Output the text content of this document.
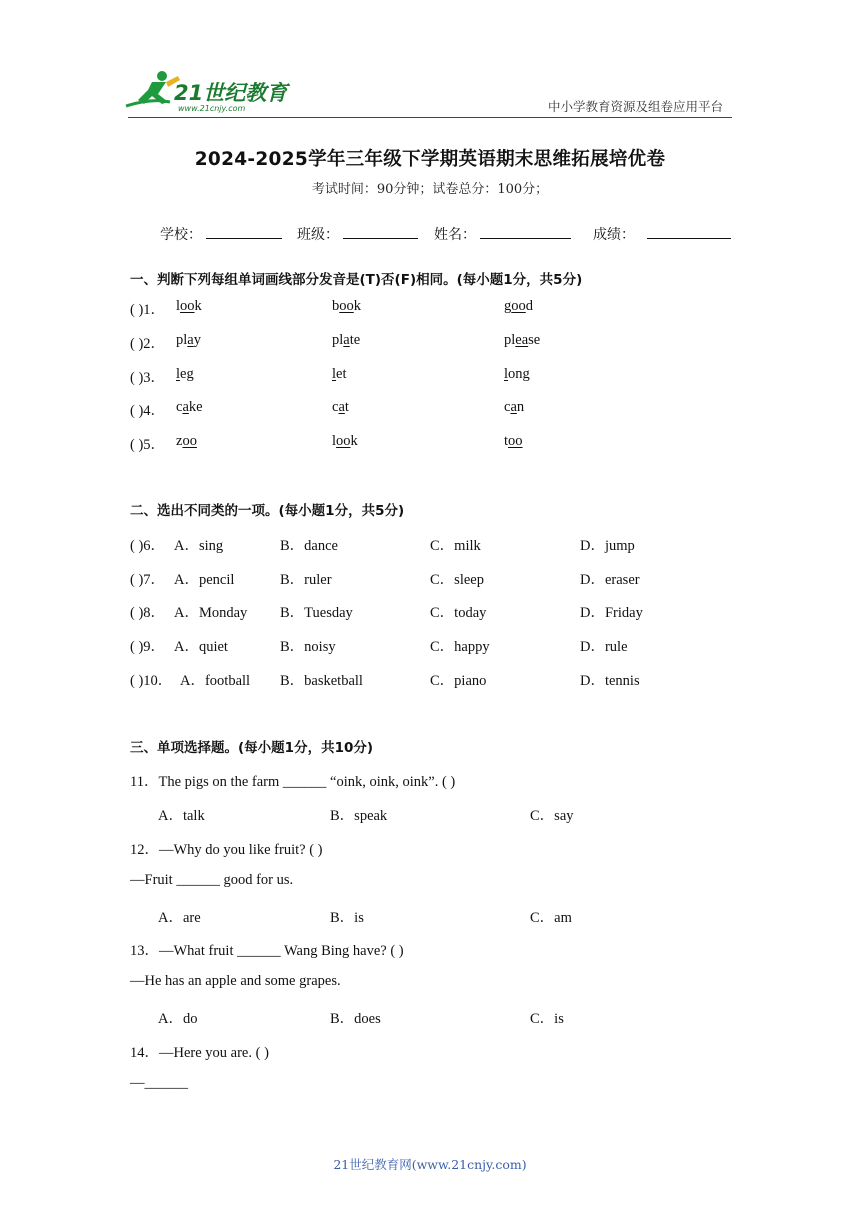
21世纪教育
www.21cnjy.com	中小学教育资源及组卷应用平台
2024-2025学年三年级下学期英语期末思维拓展培优卷
考试时间：90分钟；试卷总分：100分；
学校：	班级：	姓名：	成绩：
一、判断下列每组单词画线部分发音是(T)否(F)相同。(每小题1分，共5分)
( )1． look	book	good
( )2． play	plate	please
( )3． leg	let	long
( )4． cake	cat	can
( )5． zoo	look	too
二、选出不同类的一项。(每小题1分，共5分)
( )6． A．sing	B．dance	C．milk	D．jump
( )7． A．pencil	B．ruler	C．sleep	D．eraser
( )8． A．Monday B．Tuesday	C．today	D．Friday
( )9． A．quiet	B．noisy	C．happy	D．rule
( )10． A．football B．basketball	C．piano	D．tennis
三、单项选择题。(每小题1分，共10分)
11．The pigs on the farm ______ “oink, oink, oink”. ( )
A．talk	B．speak	C．say
12．—Why do you like fruit? ( )
—Fruit ______ good for us.
A．are	B．is	C．am
13．—What fruit ______ Wang Bing have? ( )
—He has an apple and some grapes.
A．do	B．does	C．is
14．—Here you are. ( )
—______
21世纪教育网(www.21cnjy.com)
